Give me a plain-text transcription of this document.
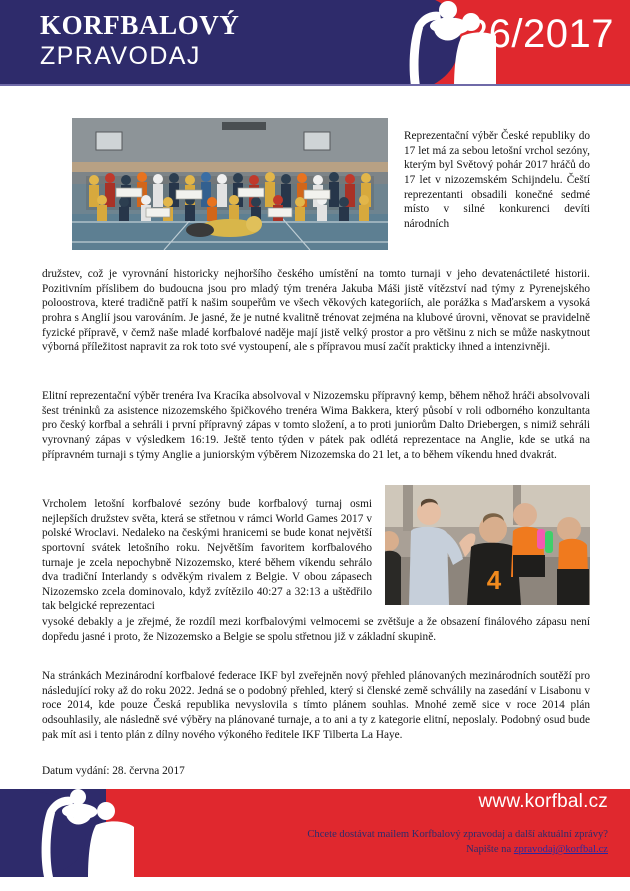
KORFBALOVÝ
ZPRAVODAJ	26/2017

Reprezentační výběr České republiky do 17 let má za sebou letošní vrchol sezóny, kterým byl Světový pohár 2017 hráčů do 17 let v nizozemském Schijndelu. Čeští reprezentanti obsadili konečné sedmé místo v silné konkurenci devíti národních

družstev, což je vyrovnání historicky nejhoršího českého umístění na tomto turnaji v jeho devatenáctileté historii. Pozitivním příslibem do budoucna jsou pro mladý tým trenéra Jakuba Máši jistě vítězství nad týmy z Pyrenejského poloostrova, které tradičně patří k našim soupeřům ve všech věkových kategoriích, ale porážka s Maďarskem a vysoká prohra s Anglií jsou varováním. Je jasné, že je nutné kvalitně trénovat zejména na klubové úrovni, věnovat se pravidelně fyzické přípravě, v čemž naše mladé korfbalové naděje mají jistě velký prostor a pro většinu z nich se může naskytnout výborná příležitost napravit za rok toto své vystoupení, ale s přípravou musí začít prakticky ihned a intenzivněji.

Elitní reprezentační výběr trenéra Iva Kracíka absolvoval v Nizozemsku přípravný kemp, během něhož hráči absolvovali šest tréninků za asistence nizozemského špičkového trenéra Wima Bakkera, který působí v roli odborného konzultanta pro český korfbal a sehráli i první přípravný zápas v tomto složení, a to proti juniorům Dalto Driebergen, s nimiž sehráli vyrovnaný zápas v výsledkem 16:19. Ještě tento týden v pátek pak odlétá reprezentace na Anglie, kde se utká na přípravném turnaji s týmy Anglie a juniorským výběrem Nizozemska do 21 let, a to během víkendu hned dvakrát.

Vrcholem letošní korfbalové sezóny bude korfbalový turnaj osmi nejlepších družstev světa, která se střetnou v rámci World Games 2017 v polské Wroclavi. Nedaleko na českými hranicemi se bude konat největší sportovní svátek letošního roku. Největším favoritem korfbalového turnaje je zcela nepochybně Nizozemsko, které během víkendu sehrálo dva tradiční Interlandy s odvěkým rivalem z Belgie. V obou zápasech Nizozemsko zcela dominovalo, když zvítězilo 40:27 a 32:13 a uštědřilo tak belgické reprezentaci

vysoké debakly a je zřejmé, že rozdíl mezi korfbalovými velmocemi se zvětšuje a že obsazení finálového zápasu není dopředu jasné i proto, že Nizozemsko a Belgie se spolu střetnou již v základní skupině.

Na stránkách Mezinárodní korfbalové federace IKF byl zveřejněn nový přehled plánovaných mezinárodních soutěží pro následující roky až do roku 2022. Jedná se o podobný přehled, který si členské země schválily na zasedání v Lisabonu v roce 2014, kde pouze Česká republika nevyslovila s tímto plánem souhlas. Mnohé země sice v roce 2014 plán odsouhlasily, ale následně své výběry na plánované turnaje, a to ani a ty z kategorie elitní, neposlaly. Podobný osud bude pak mít asi i tento plán z dílny nového výkoného ředitele IKF Tilberta La Haye.

4
Datum vydání: 28. června 2017
www.korfbal.cz
Chcete dostávat mailem Korfbalový zpravodaj a další aktuální zprávy?
Napište na zpravodaj@korfbal.cz
